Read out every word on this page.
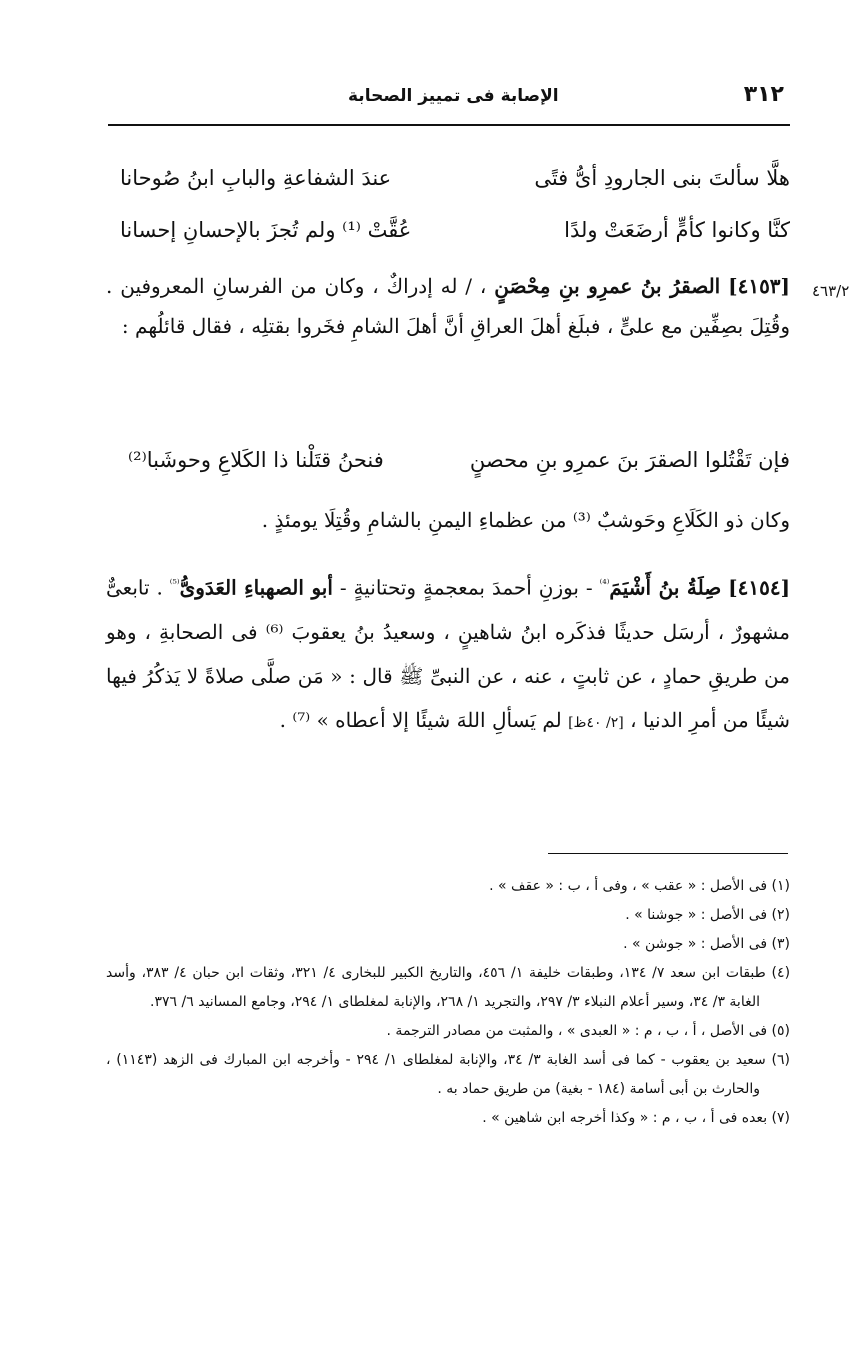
٣١٢
الإصابة فى تمييز الصحابة
هلَّا سألتَ بنى الجارودِ أىُّ فتًى
عندَ الشفاعةِ والبابِ ابنُ صُوحانا
كنَّا وكانوا كأمٍّ أرضَعَتْ ولدًا
عُقَّتْ ⁽¹⁾ ولم تُجزَ بالإحسانِ إحسانا
٤٦٣/٢
[٤١٥٣] الصقرُ بنُ عمرِو بنِ مِحْصَنٍ ، / له إدراكٌ ، وكان من الفرسانِ المعروفين . وقُتِلَ بصِفِّين مع علىٍّ ، فبلَغ أهلَ العراقِ أنَّ أهلَ الشامِ فخَروا بقتلِه ، فقال قائلُهم :
فإن تَقْتُلوا الصقرَ بنَ عمرِو بنِ محصنٍ
فنحنُ قتَلْنا ذا الكَلاعِ وحوشَبا⁽²⁾
وكان ذو الكَلَاعِ وحَوشبٌ ⁽³⁾ من عظماءِ اليمنِ بالشامِ وقُتِلَا يومئذٍ .
[٤١٥٤] صِلَةُ بنُ أَشْيَمَ$^{^{(4)}}$ - بوزنِ أحمدَ بمعجمةٍ وتحتانيةٍ - أبو الصهباءِ العَدَوىُّ$^{^{(5)}}$ . تابعىٌّ مشهورٌ ، أرسَل حديثًا فذكَره ابنُ شاهينٍ ، وسعيدُ بنُ يعقوبَ ⁽⁶⁾ فى الصحابةِ ، وهو من طريقِ حمادٍ ، عن ثابتٍ ، عنه ، عن النبىِّ ﷺ قال : « مَن صلَّى صلاةً لا يَذكُرُ فيها شيئًا من أمرِ الدنيا ، [٢/ ٤٠ظ] لم يَسألِ اللهَ شيئًا إلا أعطاه » ⁽⁷⁾ .

(١) فى الأصل : « عقب » ، وفى أ ، ب : « عقف » .

(٢) فى الأصل : « جوشنا » .

(٣) فى الأصل : « جوشن » .

(٤) طبقات ابن سعد ٧/ ١٣٤، وطبقات خليفة ١/ ٤٥٦، والتاريخ الكبير للبخارى ٤/ ٣٢١، وثقات ابن حبان ٤/ ٣٨٣، وأسد الغابة ٣/ ٣٤، وسير أعلام النبلاء ٣/ ٢٩٧، والتجريد ١/ ٢٦٨، والإنابة لمغلطاى ١/ ٢٩٤، وجامع المسانيد ٦/ ٣٧٦.

(٥) فى الأصل ، أ ، ب ، م : « العبدى » ، والمثبت من مصادر الترجمة .

(٦) سعيد بن يعقوب - كما فى أسد الغابة ٣/ ٣٤، والإنابة لمغلطاى ١/ ٢٩٤ - وأخرجه ابن المبارك فى الزهد (١١٤٣) ، والحارث بن أبى أسامة (١٨٤ - بغية) من طريق حماد به .

(٧) بعده فى أ ، ب ، م : « وكذا أخرجه ابن شاهين » .
